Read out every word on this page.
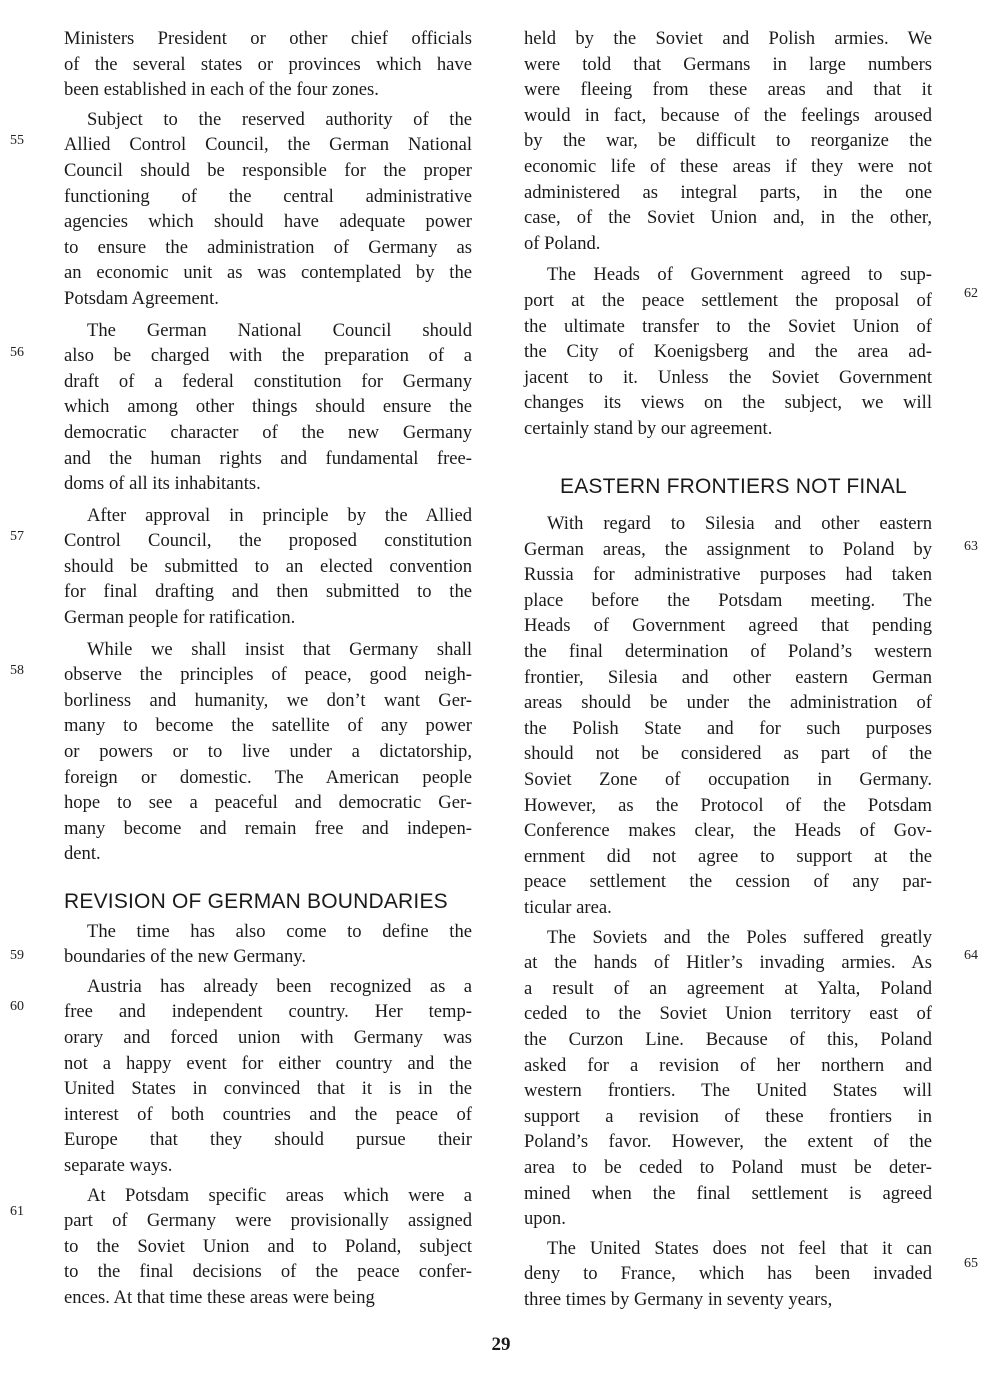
Ministers President or other chief officials
of the several states or provinces which have
been established in each of the four zones.
Subject to the reserved authority of the
Allied Control Council, the German National
Council should be responsible for the proper
functioning of the central administrative
agencies which should have adequate power
to ensure the administration of Germany as
an economic unit as was contemplated by the
Potsdam Agreement.
The German National Council should
also be charged with the preparation of a
draft of a federal constitution for Germany
which among other things should ensure the
democratic character of the new Germany
and the human rights and fundamental free-
doms of all its inhabitants.
After approval in principle by the Allied
Control Council, the proposed constitution
should be submitted to an elected convention
for final drafting and then submitted to the
German people for ratification.
While we shall insist that Germany shall
observe the principles of peace, good neigh-
borliness and humanity, we don’t want Ger-
many to become the satellite of any power
or powers or to live under a dictatorship,
foreign or domestic. The American people
hope to see a peaceful and democratic Ger-
many become and remain free and indepen-
dent.
REVISION OF GERMAN BOUNDARIES
The time has also come to define the
boundaries of the new Germany.
Austria has already been recognized as a
free and independent country. Her temp-
orary and forced union with Germany was
not a happy event for either country and the
United States in convinced that it is in the
interest of both countries and the peace of
Europe that they should pursue their
separate ways.
At Potsdam specific areas which were a
part of Germany were provisionally assigned
to the Soviet Union and to Poland, subject
to the final decisions of the peace confer-
ences. At that time these areas were being
held by the Soviet and Polish armies. We
were told that Germans in large numbers
were fleeing from these areas and that it
would in fact, because of the feelings aroused
by the war, be difficult to reorganize the
economic life of these areas if they were not
administered as integral parts, in the one
case, of the Soviet Union and, in the other,
of Poland.
The Heads of Government agreed to sup-
port at the peace settlement the proposal of
the ultimate transfer to the Soviet Union of
the City of Koenigsberg and the area ad-
jacent to it. Unless the Soviet Government
changes its views on the subject, we will
certainly stand by our agreement.
EASTERN FRONTIERS NOT FINAL
With regard to Silesia and other eastern
German areas, the assignment to Poland by
Russia for administrative purposes had taken
place before the Potsdam meeting. The
Heads of Government agreed that pending
the final determination of Poland’s western
frontier, Silesia and other eastern German
areas should be under the administration of
the Polish State and for such purposes
should not be considered as part of the
Soviet Zone of occupation in Germany.
However, as the Protocol of the Potsdam
Conference makes clear, the Heads of Gov-
ernment did not agree to support at the
peace settlement the cession of any par-
ticular area.
The Soviets and the Poles suffered greatly
at the hands of Hitler’s invading armies. As
a result of an agreement at Yalta, Poland
ceded to the Soviet Union territory east of
the Curzon Line. Because of this, Poland
asked for a revision of her northern and
western frontiers. The United States will
support a revision of these frontiers in
Poland’s favor. However, the extent of the
area to be ceded to Poland must be deter-
mined when the final settlement is agreed
upon.
The United States does not feel that it can
deny to France, which has been invaded
three times by Germany in seventy years,
55
56
57
58
59
60
61
62
63
64
65
29
